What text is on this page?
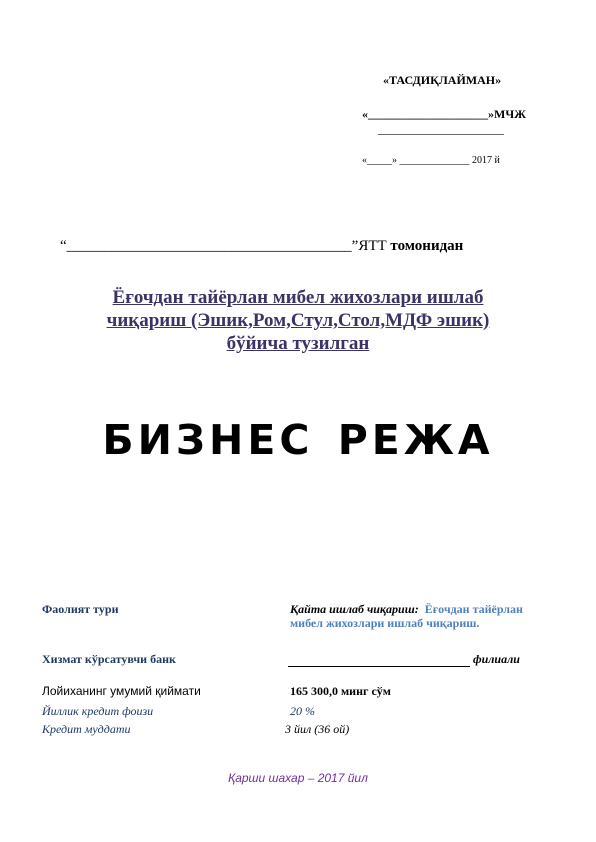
«ТАСДИҚЛАЙМАН»
«____________________»МЧЖ
_____________________
«_____» ______________ 2017 й
“______________________________________”ЯТТ томонидан
Ёғочдан тайёрлан мибел жихозлари ишлаб
чиқариш (Эшик,Ром,Стул,Стол,МДФ эшик)
бўйича тузилган
БИЗНЕС РЕЖА
Фаолият тури	Қайта ишлаб чиқариш: Ёғочдан тайёрлан мибел жихозлари ишлаб чиқариш.
Хизмат кўрсатувчи банк	филиали
Лойиханинг умумий қиймати	165 300,0 минг сўм
Йиллик кредит фоизи	20 %
Кредит муддати	3 йил (36 ой)
Қарши шахар – 2017 йил
